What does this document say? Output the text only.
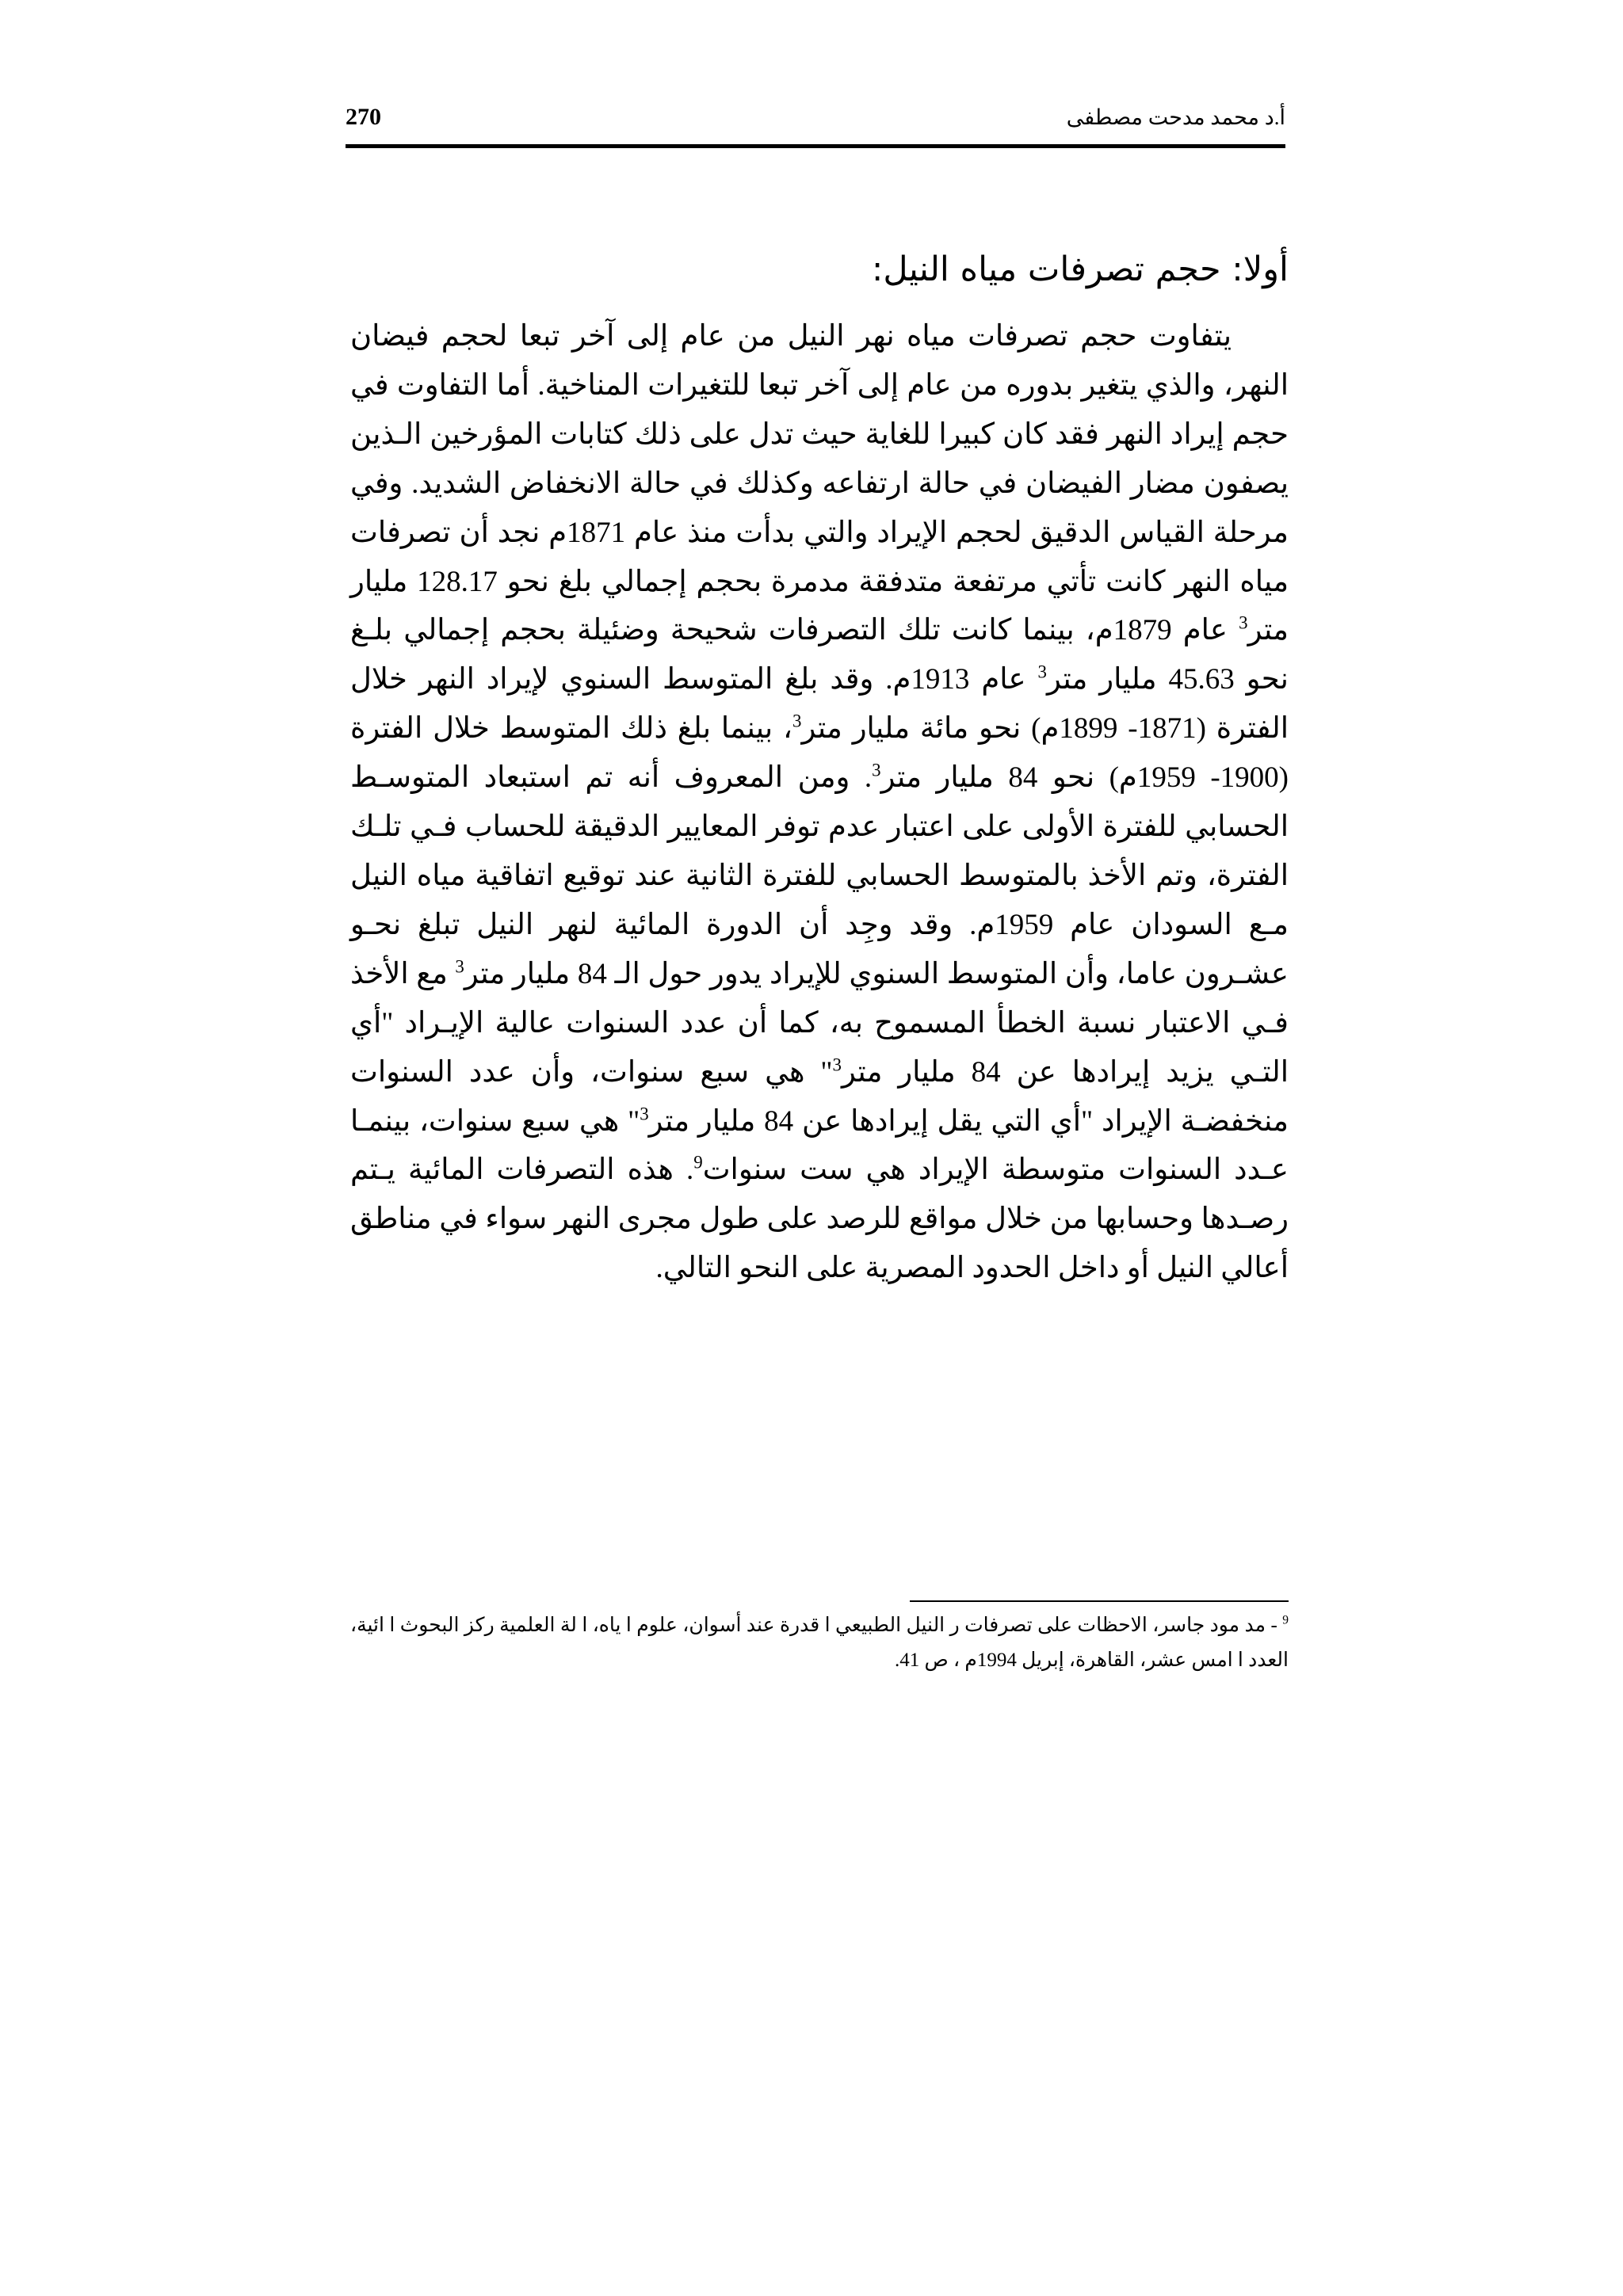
270	أ.د محمد مدحت مصطفى
أولا: حجم تصرفات مياه النيل:

يتفاوت حجم تصرفات مياه نهر النيل من عام إلى آخر تبعا لحجم فيضان النهر، والذي يتغير بدوره من عام إلى آخر تبعا للتغيرات المناخية. أما التفاوت في حجم إيراد النهر فقد كان كبيرا للغاية حيث تدل على ذلك كتابات المؤرخين الـذين يصفون مضار الفيضان في حالة ارتفاعه وكذلك في حالة الانخفاض الشديد. وفي مرحلة القياس الدقيق لحجم الإيراد والتي بدأت منذ عام 1871م نجد أن تصرفات مياه النهر كانت تأتي مرتفعة متدفقة مدمرة بحجم إجمالي بلغ نحو 128.17 مليار متر$^3$ عام 1879م، بينما كانت تلك التصرفات شحيحة وضئيلة بحجم إجمالي بلـغ نحو 45.63 مليار متر$^3$ عام 1913م. وقد بلغ المتوسط السنوي لإيراد النهر خلال الفترة (1871- 1899م) نحو مائة مليار متر$^3$، بينما بلغ ذلك المتوسط خلال الفترة (1900- 1959م) نحو 84 مليار متر$^3$. ومن المعروف أنه تم استبعاد المتوسـط الحسابي للفترة الأولى على اعتبار عدم توفر المعايير الدقيقة للحساب فـي تلـك الفترة، وتم الأخذ بالمتوسط الحسابي للفترة الثانية عند توقيع اتفاقية مياه النيل مـع السودان عام 1959م. وقد وجِد أن الدورة المائية لنهر النيل تبلغ نحـو عشـرون عاما، وأن المتوسط السنوي للإيراد يدور حول الـ 84 مليار متر$^3$ مع الأخذ فـي الاعتبار نسبة الخطأ المسموح به، كما أن عدد السنوات عالية الإيـراد "أي التـي يزيد إيرادها عن 84 مليار متر$^3$" هي سبع سنوات، وأن عدد السنوات منخفضـة الإيراد "أي التي يقل إيرادها عن 84 مليار متر$^3$" هي سبع سنوات، بينمـا عـدد السنوات متوسطة الإيراد هي ست سنوات$^9$. هذه التصرفات المائية يـتم رصـدها وحسابها من خلال مواقع للرصد على طول مجرى النهر سواء في مناطق أعالي النيل أو داخل الحدود المصرية على النحو التالي.

$^9$ - مد مود جاسر، الاحظات على تصرفات ر النيل الطبيعي ا قدرة عند أسوان، علوم ا ياه، ا لة العلمية ركز البحوث ا ائية، العدد ا امس عشر، القاهرة، إبريل 1994م ، ص 41.
